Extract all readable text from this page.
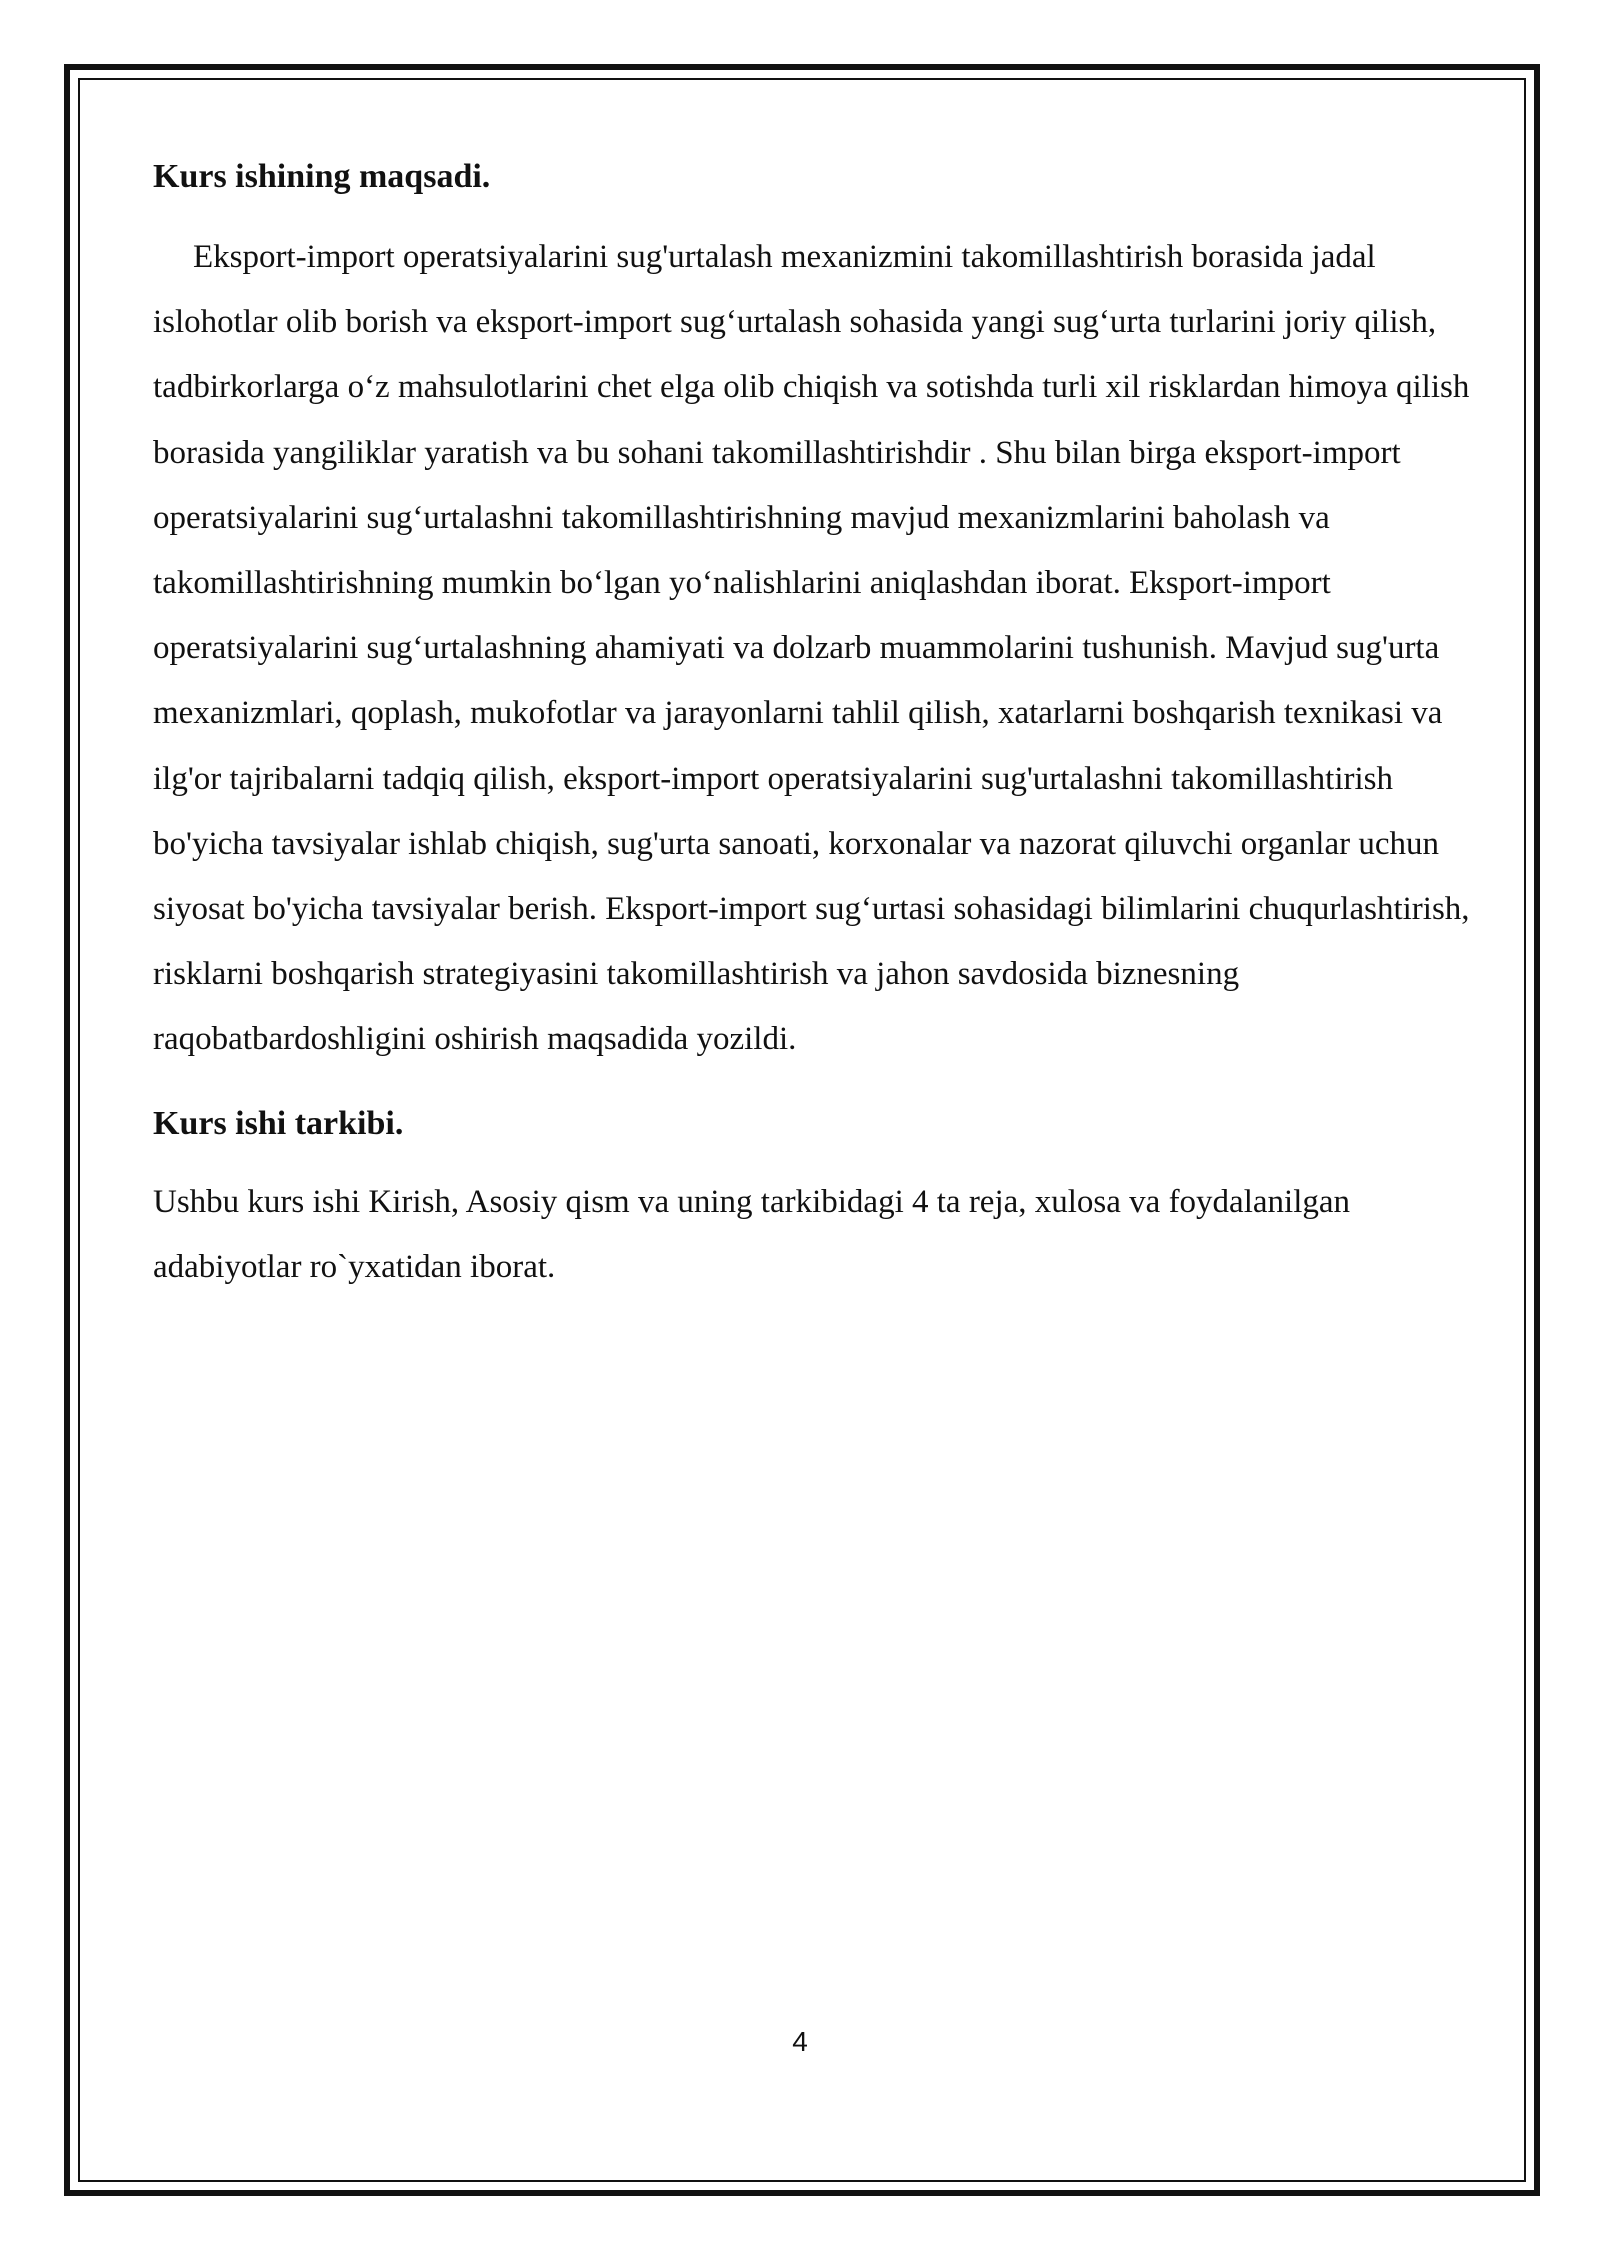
Kurs ishining maqsadi.

Eksport-import operatsiyalarini sug'urtalash mexanizmini takomillashtirish borasida jadal islohotlar olib borish va eksport-import sug‘urtalash sohasida yangi sug‘urta turlarini joriy qilish, tadbirkorlarga o‘z mahsulotlarini chet elga olib chiqish va sotishda turli xil risklardan himoya qilish borasida yangiliklar yaratish va bu sohani takomillashtirishdir . Shu bilan birga eksport-import operatsiyalarini sug‘urtalashni takomillashtirishning mavjud mexanizmlarini baholash va takomillashtirishning mumkin bo‘lgan yo‘nalishlarini aniqlashdan iborat. Eksport-import operatsiyalarini sug‘urtalashning ahamiyati va dolzarb muammolarini tushunish. Mavjud sug'urta mexanizmlari, qoplash, mukofotlar va jarayonlarni tahlil qilish, xatarlarni boshqarish texnikasi va ilg'or tajribalarni tadqiq qilish, eksport-import operatsiyalarini sug'urtalashni takomillashtirish bo'yicha tavsiyalar ishlab chiqish, sug'urta sanoati, korxonalar va nazorat qiluvchi organlar uchun siyosat bo'yicha tavsiyalar berish. Eksport-import sug‘urtasi sohasidagi bilimlarini chuqurlashtirish, risklarni boshqarish strategiyasini takomillashtirish va jahon savdosida biznesning raqobatbardoshligini oshirish maqsadida yozildi.

Kurs ishi tarkibi.

Ushbu kurs ishi Kirish, Asosiy qism va uning tarkibidagi 4 ta reja, xulosa va foydalanilgan adabiyotlar ro`yxatidan iborat.

4
